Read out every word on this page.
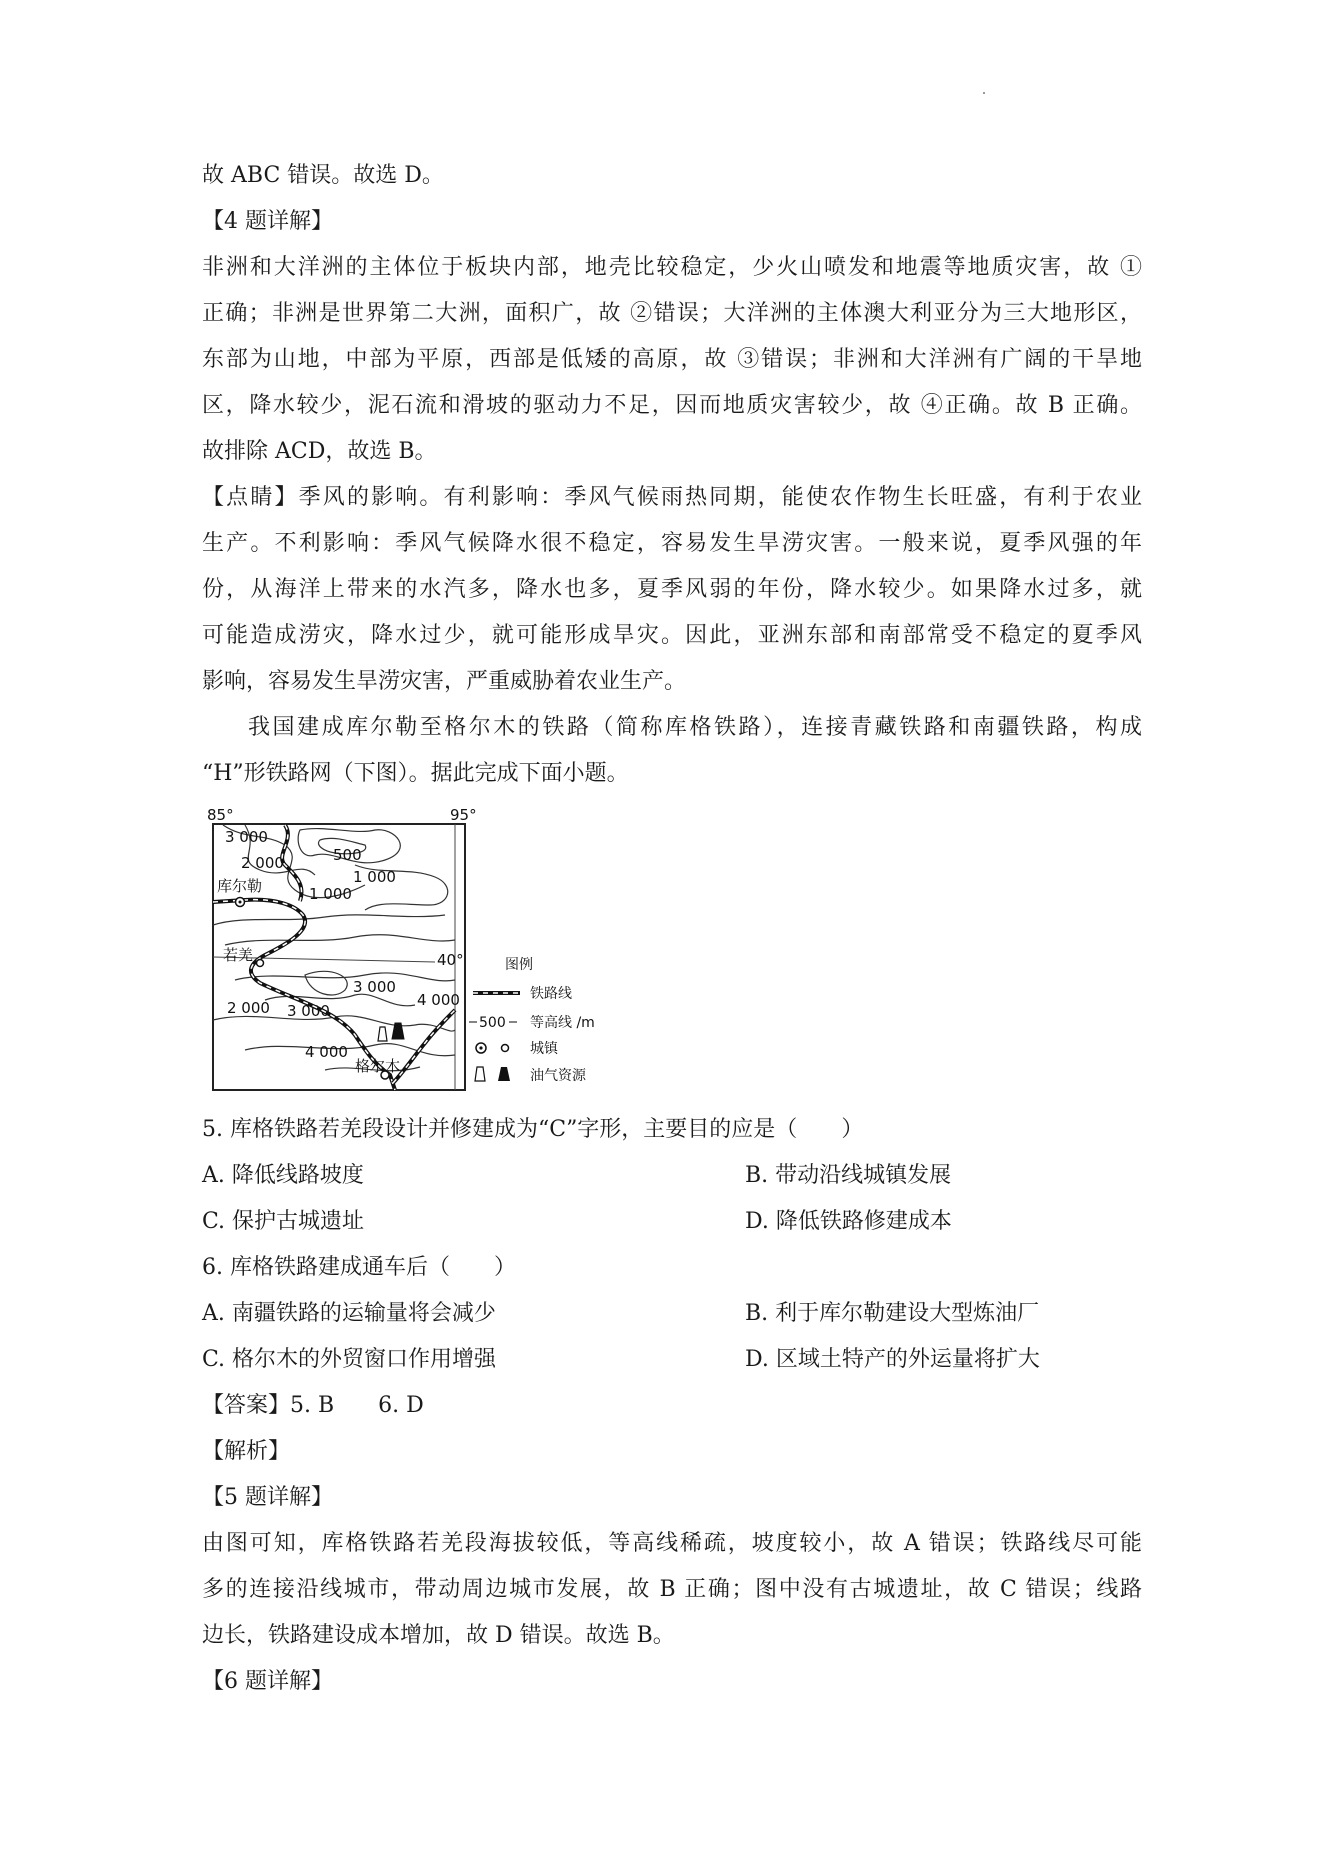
故 ABC 错误。故选 D。
【4 题详解】
非洲和大洋洲的主体位于板块内部，地壳比较稳定，少火山喷发和地震等地质灾害，故 ①
正确；非洲是世界第二大洲，面积广，故 ②错误；大洋洲的主体澳大利亚分为三大地形区，
东部为山地，中部为平原，西部是低矮的高原，故 ③错误；非洲和大洋洲有广阔的干旱地
区，降水较少，泥石流和滑坡的驱动力不足，因而地质灾害较少，故 ④正确。故 B 正确。
故排除 ACD，故选 B。
【点睛】季风的影响。有利影响：季风气候雨热同期，能使农作物生长旺盛，有利于农业
生产。不利影响：季风气候降水很不稳定，容易发生旱涝灾害。一般来说，夏季风强的年
份，从海洋上带来的水汽多，降水也多，夏季风弱的年份，降水较少。如果降水过多，就
可能造成涝灾，降水过少，就可能形成旱灾。因此，亚洲东部和南部常受不稳定的夏季风
影响，容易发生旱涝灾害，严重威胁着农业生产。
我国建成库尔勒至格尔木的铁路（简称库格铁路），连接青藏铁路和南疆铁路，构成
“H”形铁路网（下图）。据此完成下面小题。
85°	95°
40°
3 000
2 000	500
1 000
1 000
3 000
4 000
2 000 3 000
4 000
库尔勒
若羌
格尔木
图例
铁路线
500 等高线 /m
城镇
油气资源
5. 库格铁路若羌段设计并修建成为“C”字形，主要目的应是（　　）
A. 降低线路坡度	B. 带动沿线城镇发展
C. 保护古城遗址	D. 降低铁路修建成本
6. 库格铁路建成通车后（　　）
A. 南疆铁路的运输量将会减少	B. 利于库尔勒建设大型炼油厂
C. 格尔木的外贸窗口作用增强	D. 区域土特产的外运量将扩大
【答案】5. B　　6. D
【解析】
【5 题详解】
由图可知，库格铁路若羌段海拔较低，等高线稀疏，坡度较小，故 A 错误；铁路线尽可能
多的连接沿线城市，带动周边城市发展，故 B 正确；图中没有古城遗址，故 C 错误；线路
边长，铁路建设成本增加，故 D 错误。故选 B。
【6 题详解】
